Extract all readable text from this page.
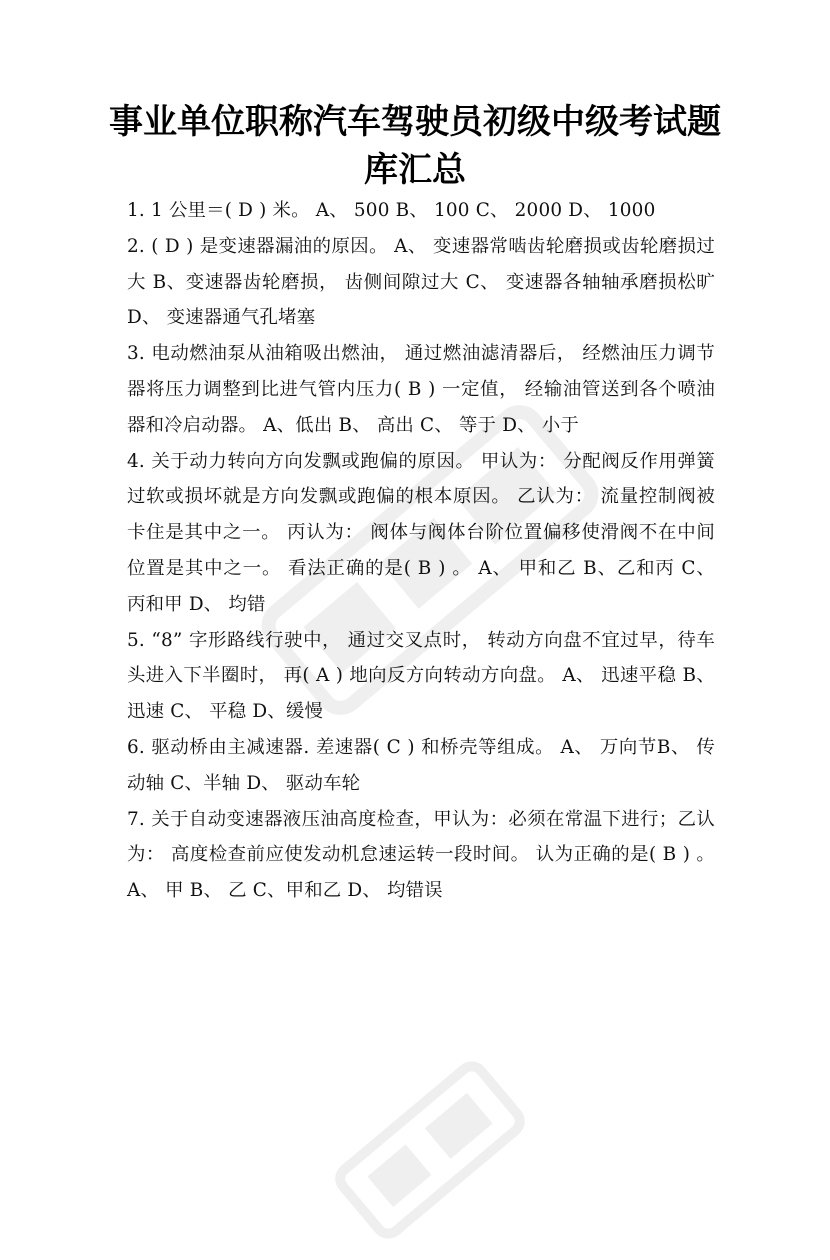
事业单位职称汽车驾驶员初级中级考试题
库汇总

1. 1 公里＝( D ) 米。 A、 500 B、 100 C、 2000 D、 1000

2. ( D ) 是变速器漏油的原因。 A、 变速器常啮齿轮磨损或齿轮磨损过大 B、变速器齿轮磨损， 齿侧间隙过大 C、 变速器各轴轴承磨损松旷 D、 变速器通气孔堵塞

3. 电动燃油泵从油箱吸出燃油， 通过燃油滤清器后， 经燃油压力调节器将压力调整到比进气管内压力( B ) 一定值， 经输油管送到各个喷油器和冷启动器。 A、低出 B、 高出 C、 等于 D、 小于

4. 关于动力转向方向发飘或跑偏的原因。 甲认为： 分配阀反作用弹簧过软或损坏就是方向发飘或跑偏的根本原因。 乙认为： 流量控制阀被卡住是其中之一。 丙认为： 阀体与阀体台阶位置偏移使滑阀不在中间位置是其中之一。 看法正确的是( B ) 。 A、 甲和乙 B、乙和丙 C、 丙和甲 D、 均错

5. “8” 字形路线行驶中， 通过交叉点时， 转动方向盘不宜过早，待车头进入下半圈时， 再( A ) 地向反方向转动方向盘。 A、 迅速平稳 B、 迅速 C、 平稳 D、缓慢

6. 驱动桥由主减速器. 差速器( C ) 和桥壳等组成。 A、 万向节B、 传动轴 C、半轴 D、 驱动车轮

7. 关于自动变速器液压油高度检查，甲认为：必须在常温下进行；乙认为： 高度检查前应使发动机怠速运转一段时间。 认为正确的是( B ) 。 A、 甲 B、 乙 C、甲和乙 D、 均错误
